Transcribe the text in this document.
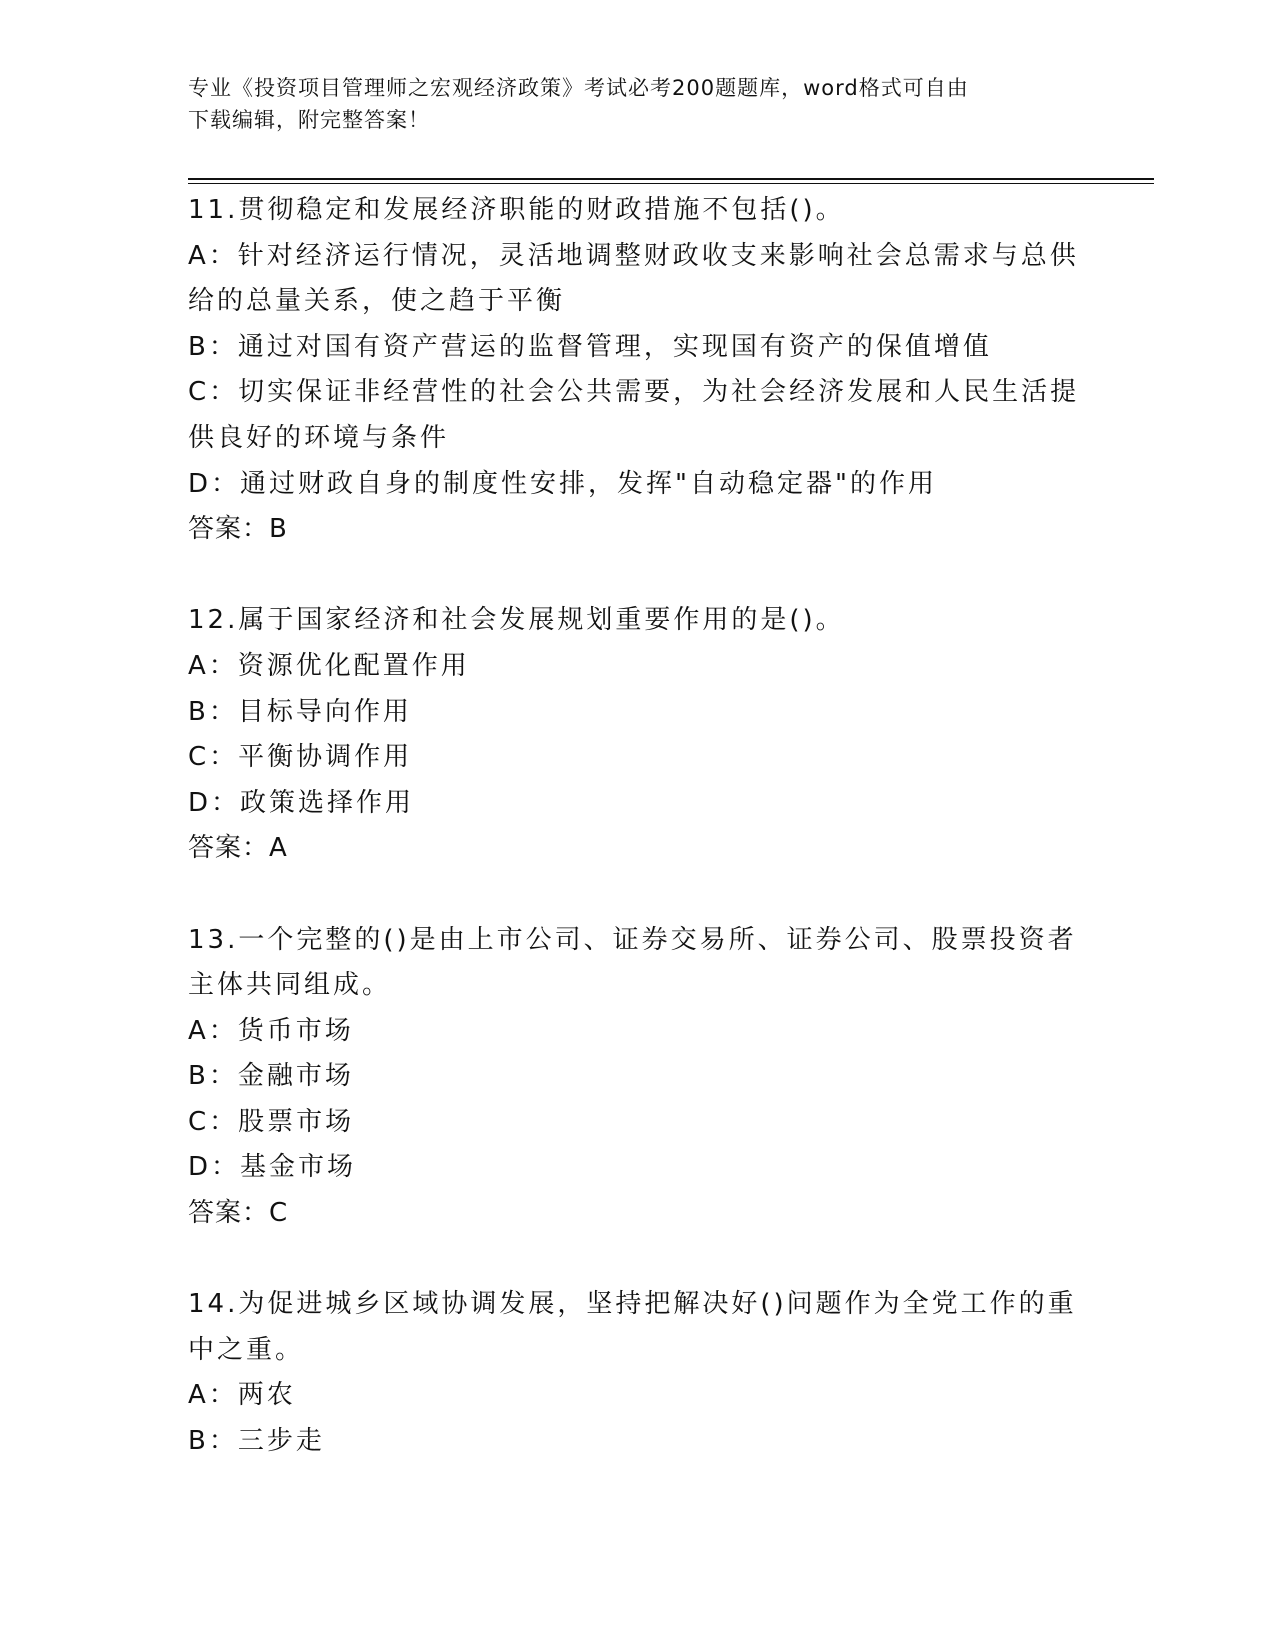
专业《投资项目管理师之宏观经济政策》考试必考200题题库，word格式可自由
下载编辑，附完整答案！
11.贯彻稳定和发展经济职能的财政措施不包括()。
A：针对经济运行情况，灵活地调整财政收支来影响社会总需求与总供
给的总量关系，使之趋于平衡
B：通过对国有资产营运的监督管理，实现国有资产的保值增值
C：切实保证非经营性的社会公共需要，为社会经济发展和人民生活提
供良好的环境与条件
D：通过财政自身的制度性安排，发挥"自动稳定器"的作用
答案：B
12.属于国家经济和社会发展规划重要作用的是()。
A：资源优化配置作用
B：目标导向作用
C：平衡协调作用
D：政策选择作用
答案：A
13.一个完整的()是由上市公司、证券交易所、证券公司、股票投资者
主体共同组成。
A：货币市场
B：金融市场
C：股票市场
D：基金市场
答案：C
14.为促进城乡区域协调发展，坚持把解决好()问题作为全党工作的重
中之重。
A：两农
B：三步走
